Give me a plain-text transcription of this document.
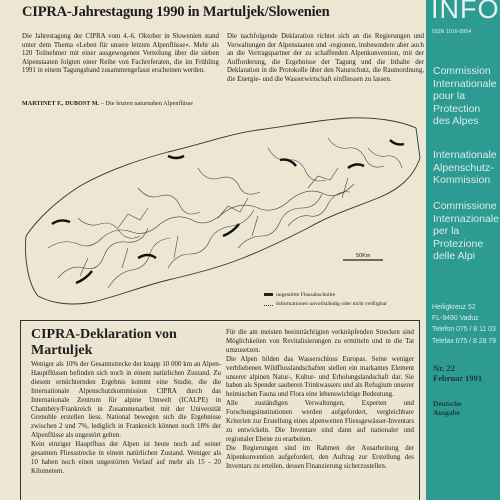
CIPRA-Jahrestagung 1990 in Martuljek/Slowenien
Die Jahrestagung der CIPRA vom 4.-6. Oktober in Slowenien stand unter dem Thema «Leben für unsere letzten Alpenflüsse». Mehr als 120 Teilnehmer mit einer ausgewogenen Verteilung über die sieben Alpenstaaten folgten einer Reihe von Fachreferaten, die im Frühling 1991 in einem Tagungsband zusammengefasst erscheinen werden.
Die nachfolgende Deklaration richtet sich an die Regierungen und Verwaltungen der Alpenstaaten und -regionen, insbesondere aber auch an die Vertragspartner der zu schaffenden Alpenkonvention, mit der Aufforderung, die Ergebnisse der Tagung und die Inhalte der Deklaration in die Protokolle über den Naturschutz, die Raumordnung, die Energie- und die Wasserwirtschaft einfliessen zu lassen.
MARTINET F., DUBOST M. – Die letzten naturnahen Alpenflüsse
50Km
ungestörte Flussabschnitte
Informationen unvollständig oder nicht verfügbar
CIPRA-Deklaration von Martuljek

Weniger als 10% der Gesamtstrecke der knapp 10 000 km an Alpen-Hauptflüssen befinden sich noch in einem natürlichen Zustand. Zu diesem ernüchternden Ergebnis kommt eine Studie, die die Internationale Alpenschutzkommission CIPRA durch das Internationale Zentrum für alpine Umwelt (ICALPE) in Chambéry/Frankreich in Zusammenarbeit mit der Universität Grenoble erstellen liess. National bewegen sich die Ergebnisse zwischen 2 und 7%, lediglich in Frankreich können noch 18% der Alpenflüsse als ungestört gelten.

Kein einziger Hauptfluss der Alpen ist heute noch auf seiner gesamten Fliessstrecke in einem natürlichen Zustand. Weniger als 10 haben noch einen ungestörten Verlauf auf mehr als 15 - 20 Kilometern.

Für die am meisten beeinträchtigten verknüpfenden Strecken sind Möglichkeiten von Revitalisierungen zu ermitteln und in die Tat umzusetzen.

Die Alpen bilden das Wasserschloss Europas. Seine weniger verbliebenen Wildflusslandschaften stellen ein markantes Element unserer alpinen Natur-, Kultur- und Erholungslandschaft dar. Sie haben als Spender sauberen Trinkwassers und als Refugium unserer heimischen Fauna und Flora eine lebenswichtige Bedeutung.

Alle zuständigen Verwaltungen, Experten und Forschungsinstitutionen werden aufgefordert, vergleichbare Kriterien zur Erstellung eines alpenweiten Fliessgewässer-Inventars zu entwickeln. Die Inventare sind dann auf nationaler und regionaler Ebene zu erarbeiten.

Die Regierungen sind im Rahmen der Ausarbeitung der Alpenkonvention aufgefordert, den Auftrag zur Erstellung des Inventars zu erteilen, dessen Finanzierung sicherzustellen.

INFO
ISSN 1016-9954
Commission
Internationale
pour la
Protection
des Alpes
Internationale
Alpenschutz-
Kommission
Commissione
Internazionale
per la
Protezione
delle Alpi
Heiligkreuz 52
FL-9490 Vaduz
Telefon 075 / 8 11 03
Telefax 075 / 8 28 79
Nr. 22
Februar 1991
Deutsche
Ausgabe
